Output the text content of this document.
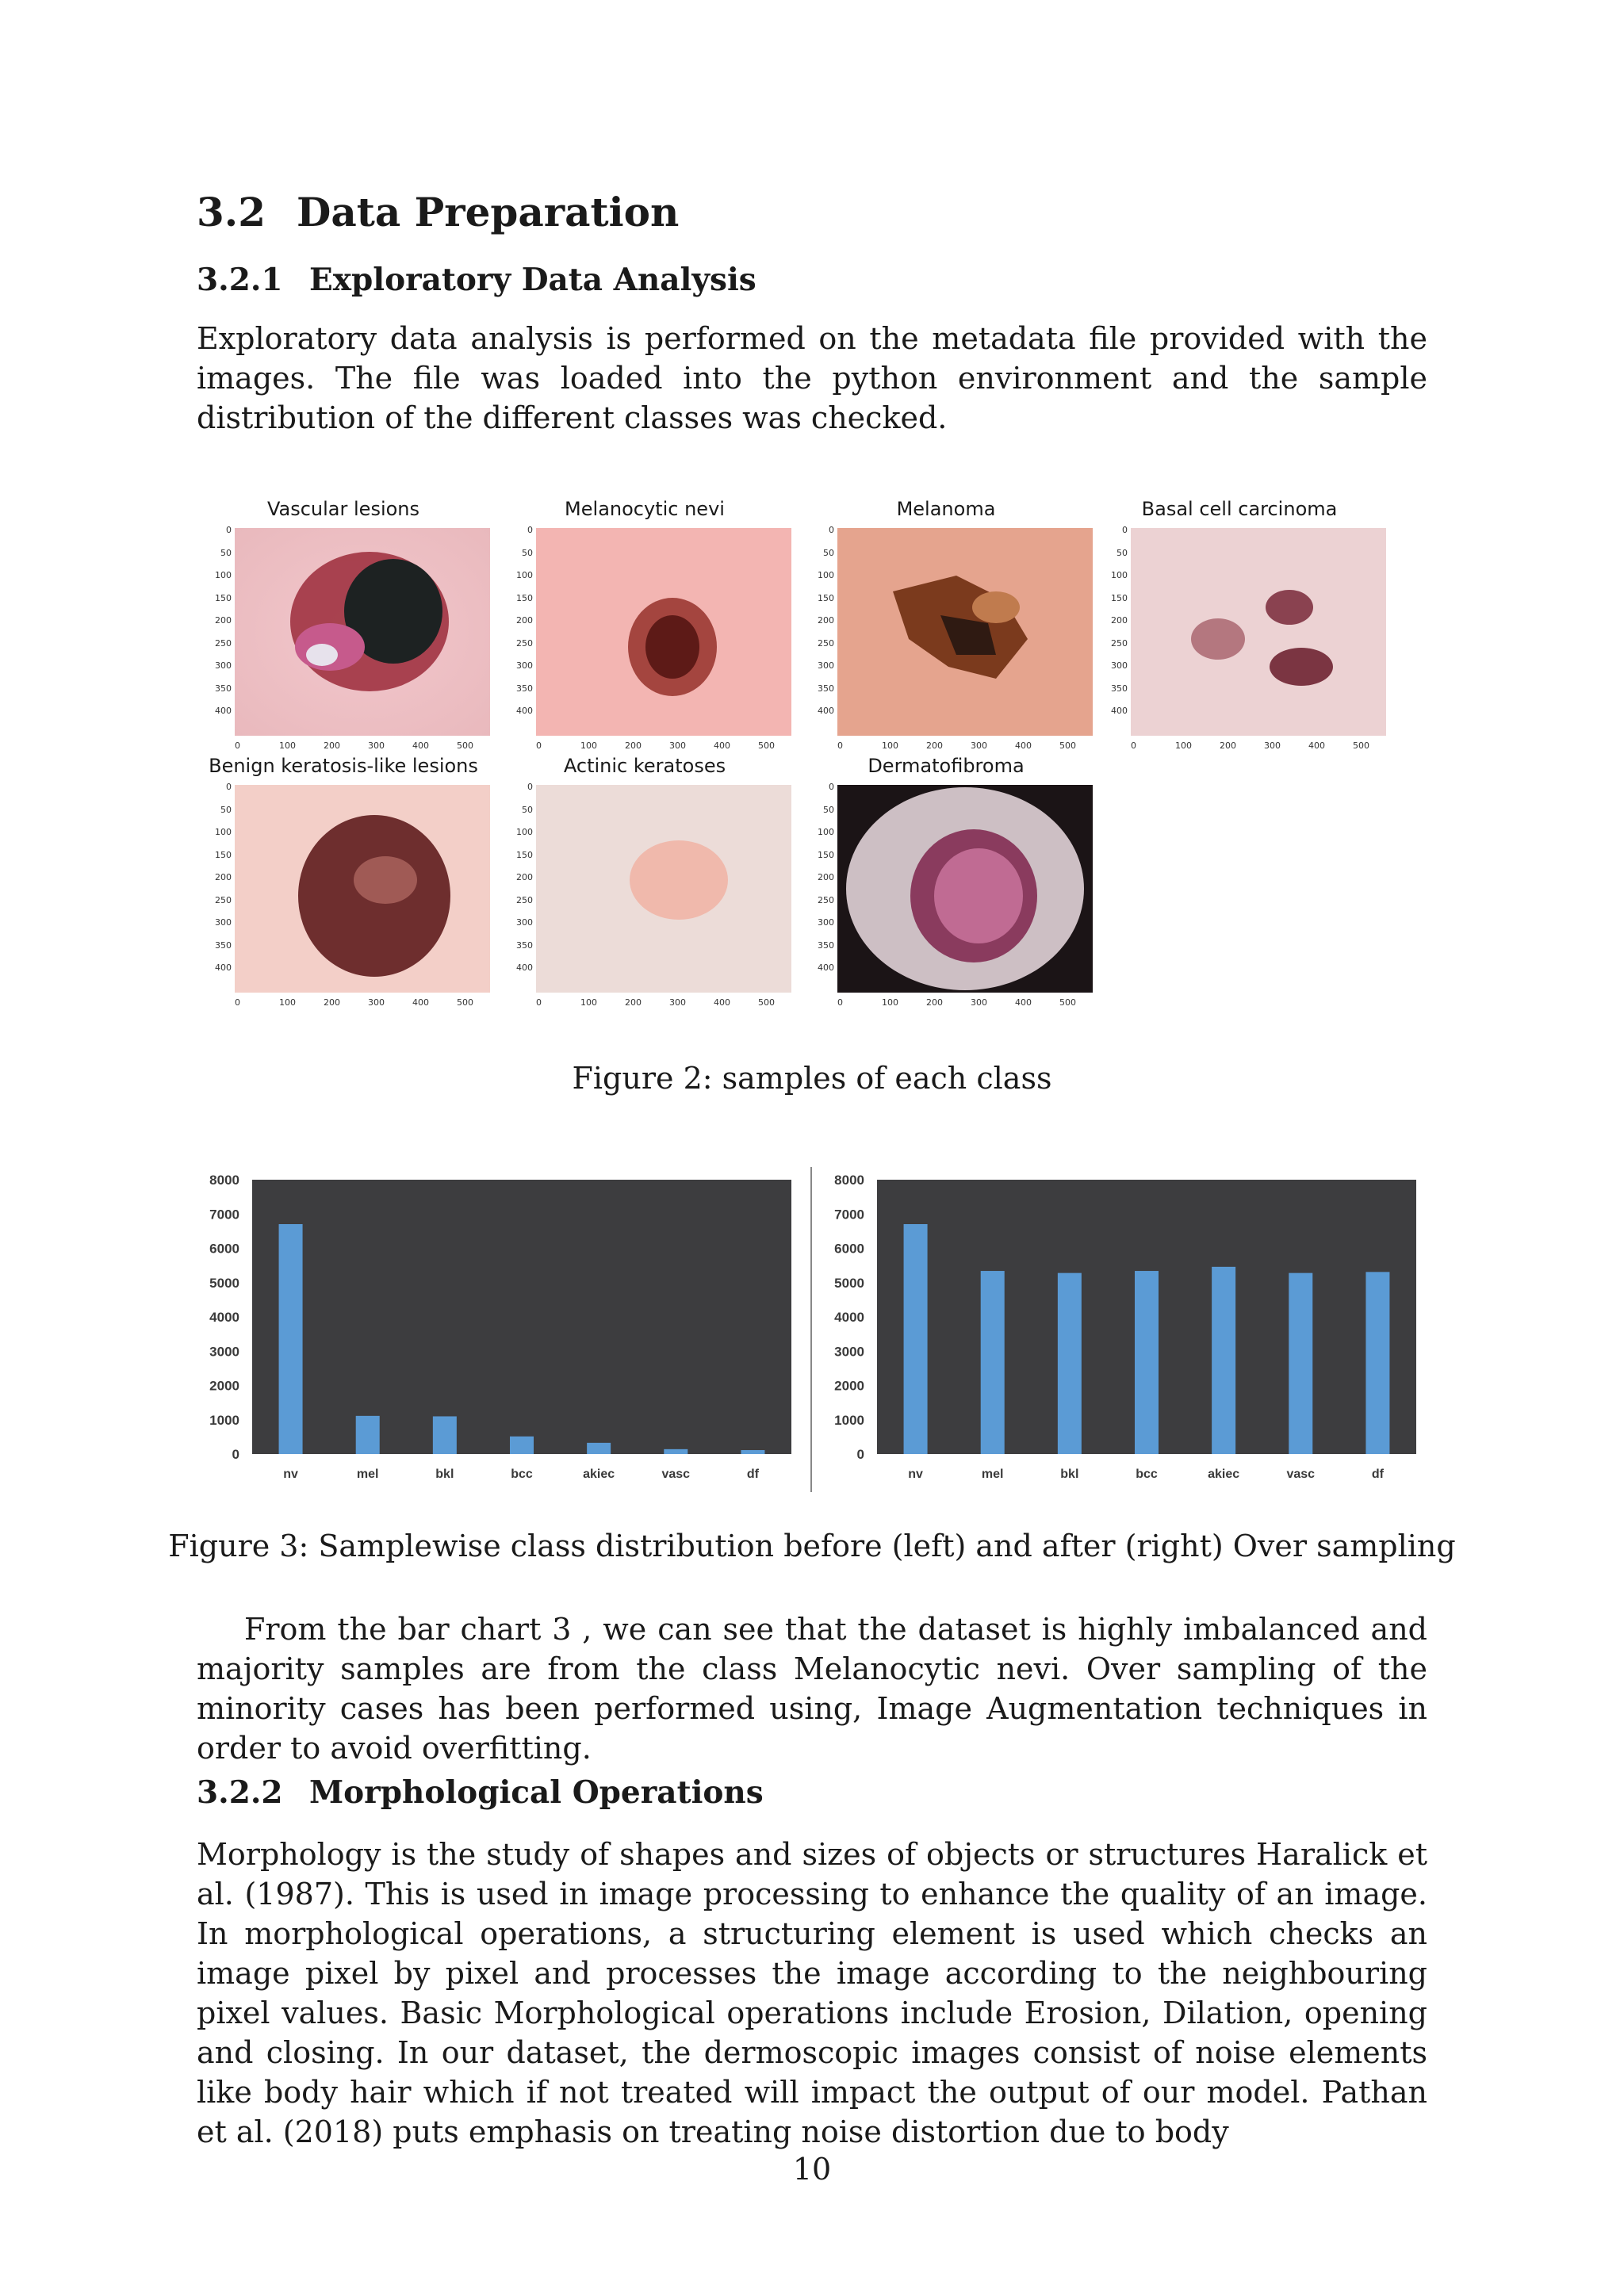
3.2 Data Preparation
3.2.1 Exploratory Data Analysis

Exploratory data analysis is performed on the metadata file provided with the images. The file was loaded into the python environment and the sample distribution of the different classes was checked.

Vascular lesions
0
50
100
150
200
250
300
350
400
0	100	200	300	400	500
Melanocytic nevi
0
50
100
150
200
250
300
350
400
0	100	200	300	400	500
Melanoma
0
50
100
150
200
250
300
350
400
0	100	200	300	400	500
Basal cell carcinoma
0
50
100
150
200
250
300
350
400
0	100	200	300	400	500
Benign keratosis-like lesions
0
50
100
150
200
250
300
350
400
0	100	200	300	400	500
Actinic keratoses
0
50
100
150
200
250
300
350
400
0	100	200	300	400	500
Dermatofibroma
0
50
100
150
200
250
300
350
400
0	100	200	300	400	500

Figure 2: samples of each class

0
1000
2000
3000
4000
5000
6000
7000
8000
nv	mel	bkl	bcc	akiec	vasc	df
0
1000
2000
3000
4000
5000
6000
7000
8000
nv	mel	bkl	bcc	akiec	vasc	df

Figure 3: Samplewise class distribution before (left) and after (right) Over sampling

From the bar chart 3 , we can see that the dataset is highly imbalanced and majority samples are from the class Melanocytic nevi. Over sampling of the minority cases has been performed using, Image Augmentation techniques in order to avoid overfitting.

3.2.2 Morphological Operations

Morphology is the study of shapes and sizes of objects or structures Haralick et al. (1987). This is used in image processing to enhance the quality of an image. In morphological operations, a structuring element is used which checks an image pixel by pixel and processes the image according to the neighbouring pixel values. Basic Morphological operations include Erosion, Dilation, opening and closing. In our dataset, the dermoscopic images consist of noise elements like body hair which if not treated will impact the output of our model. Pathan et al. (2018) puts emphasis on treating noise distortion due to body

10
